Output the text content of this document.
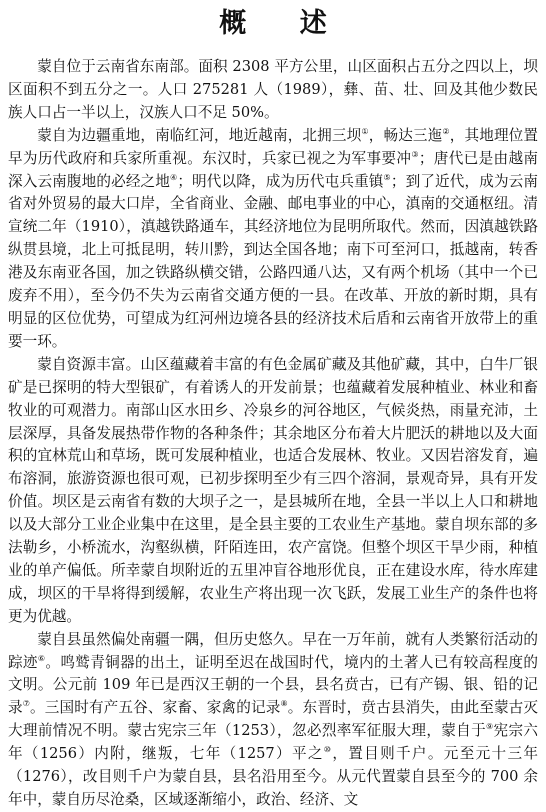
概 述

蒙自位于云南省东南部。面积 2308 平方公里，山区面积占五分之四以上，坝区面积不到五分之一。人口 275281 人（1989），彝、苗、壮、回及其他少数民族人口占一半以上，汉族人口不足 50%。

蒙自为边疆重地，南临红河，地近越南，北拥三坝①，畅达三迤②，其地理位置早为历代政府和兵家所重视。东汉时，兵家已视之为军事要冲③；唐代已是由越南深入云南腹地的必经之地④；明代以降，成为历代屯兵重镇⑤；到了近代，成为云南省对外贸易的最大口岸，全省商业、金融、邮电事业的中心，滇南的交通枢纽。清宣统二年（1910），滇越铁路通车，其经济地位为昆明所取代。然而，因滇越铁路纵贯县境，北上可抵昆明，转川黔，到达全国各地；南下可至河口，抵越南，转香港及东南亚各国，加之铁路纵横交错，公路四通八达，又有两个机场（其中一个已废弃不用），至今仍不失为云南省交通方便的一县。在改革、开放的新时期，具有明显的区位优势，可望成为红河州边境各县的经济技术后盾和云南省开放带上的重要一环。

蒙自资源丰富。山区蕴藏着丰富的有色金属矿藏及其他矿藏，其中，白牛厂银矿是已探明的特大型银矿，有着诱人的开发前景；也蕴藏着发展种植业、林业和畜牧业的可观潜力。南部山区水田乡、冷泉乡的河谷地区，气候炎热，雨量充沛，土层深厚，具备发展热带作物的各种条件；其余地区分布着大片肥沃的耕地以及大面积的宜林荒山和草场，既可发展种植业，也适合发展林、牧业。又因岩溶发育，遍布溶洞，旅游资源也很可观，已初步探明至少有三四个溶洞，景观奇异，具有开发价值。坝区是云南省有数的大坝子之一，是县城所在地，全县一半以上人口和耕地以及大部分工业企业集中在这里，是全县主要的工农业生产基地。蒙自坝东部的多法勒乡，小桥流水，沟壑纵横，阡陌连田，农产富饶。但整个坝区干旱少雨，种植业的单产偏低。所幸蒙自坝附近的五里冲盲谷地形优良，正在建设水库，待水库建成，坝区的干旱将得到缓解，农业生产将出现一次飞跃，发展工业生产的条件也将更为优越。

蒙自县虽然偏处南疆一隅，但历史悠久。早在一万年前，就有人类繁衍活动的踪迹⑥。鸣鹫青铜器的出土，证明至迟在战国时代，境内的土著人已有较高程度的文明。公元前 109 年已是西汉王朝的一个县，县名贲古，已有产锡、银、铅的记录⑦。三国时有产五谷、家畜、家禽的记录⑧。东晋时，贲古县消失，由此至蒙古灭大理前情况不明。蒙古宪宗三年（1253），忽必烈率军征服大理，蒙自于⑨宪宗六年（1256）内附，继叛，七年（1257）平之⑩，置目则千户。元至元十三年（1276），改目则千户为蒙自县，县名沿用至今。从元代置蒙自县至今的 700 余年中，蒙自历尽沧桑，区域逐渐缩小，政治、经济、文
